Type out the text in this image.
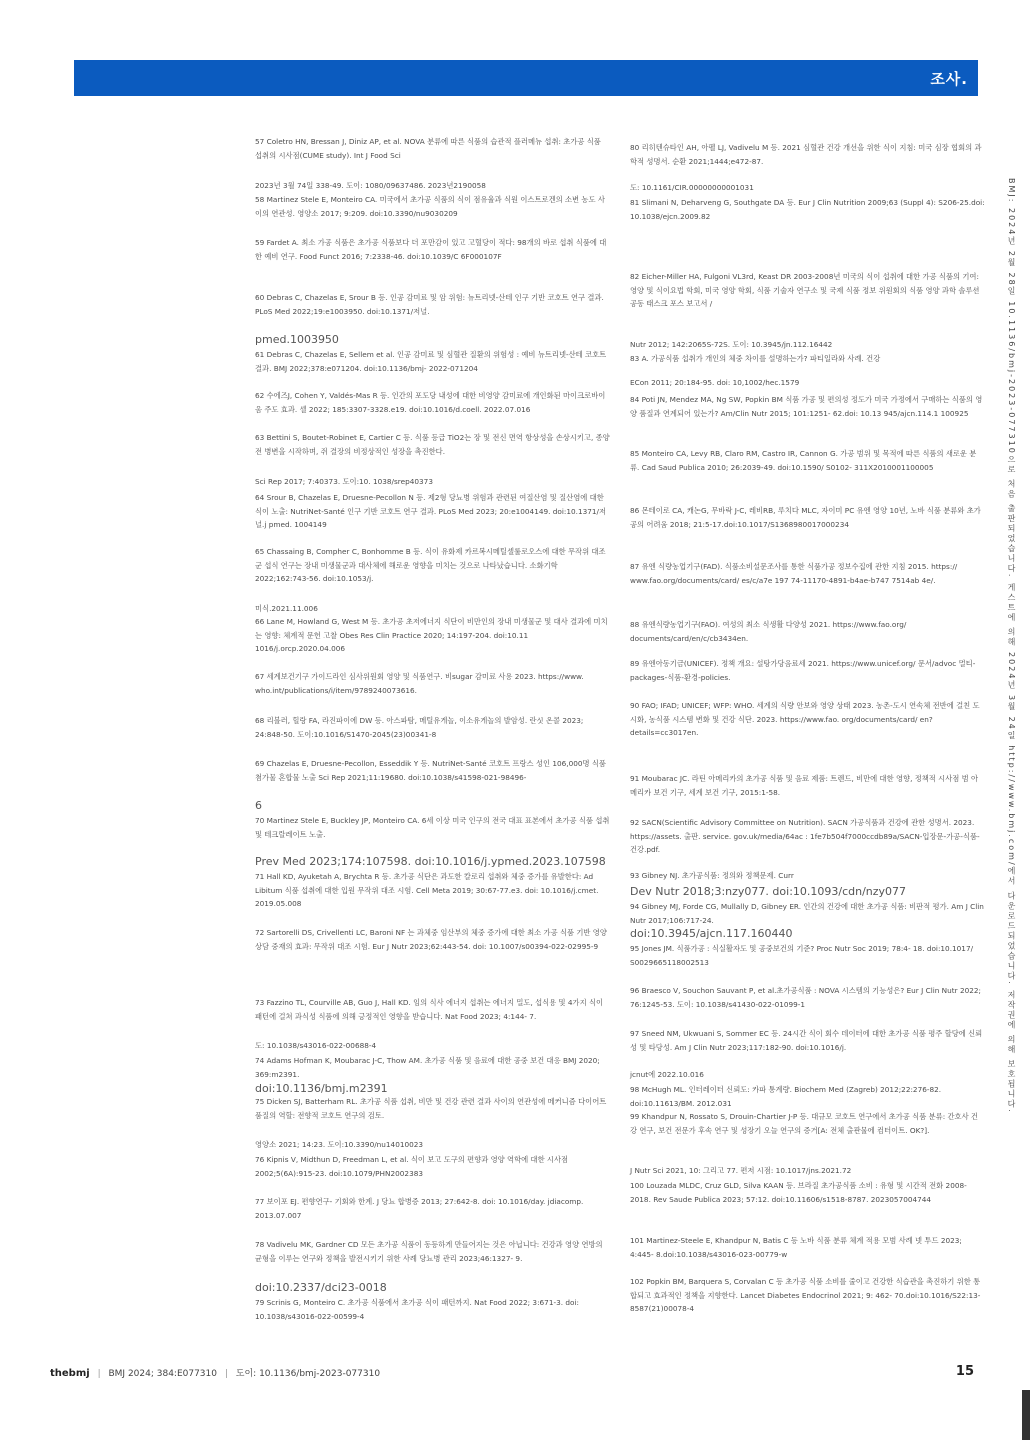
조사.
57 Coletro HN, Bressan J, Diniz AP, et al. NOVA 분류에 따른 식품의 습관적 플러메뉴 섭취: 초가공 식품 섭취의 시사점(CUME study). Int J Food Sci
2023년 3월 74일 338-49. 도이: 1080/09637486. 2023년2190058
58 Martinez Stele E, Monteiro CA. 미국에서 초가공 식품의 식이 점유율과 식원 이스트로겐의 소변 농도 사이의 연관성. 영양소 2017; 9:209. doi:10.3390/nu9030209
59 Fardet A. 최소 가공 식품은 초가공 식품보다 더 포만감이 있고 고혈당이 적다: 98개의 바로 섭취 식품에 대한 예비 연구. Food Funct 2016; 7:2338-46. doi:10.1039/C 6F000107F
60 Debras C, Chazelas E, Srour B 등. 인공 감미료 및 암 위험: 뉴트리넷-산테 인구 기반 코호트 연구 결과. PLoS Med 2022;19:e1003950. doi:10.1371/저널.
pmed.1003950
61 Debras C, Chazelas E, Sellem et al. 인공 감미료 및 심혈관 질환의 위험성 : 예비 뉴트리넷-산테 코호트 결과. BMJ 2022;378:e071204. doi:10.1136/bmj- 2022-071204
62 수에즈J, Cohen Y, Valdés-Mas R 등. 인간의 포도당 내성에 대한 비영양 감미료에 개인화된 마이크로바이옴 주도 효과. 셀 2022; 185:3307-3328.e19. doi:10.1016/d.coell. 2022.07.016
63 Bettini S, Boutet-Robinet E, Cartier C 등. 식품 등급 TiO2는 장 및 전신 면역 항상성을 손상시키고, 종양 전 병변을 시작하며, 쥐 결장의 비정상적인 성장을 촉진한다.
Sci Rep 2017; 7:40373. 도이:10. 1038/srep40373
64 Srour B, Chazelas E, Druesne-Pecollon N 등. 제2형 당뇨병 위험과 관련된 여질산염 및 질산염에 대한 식이 노출: NutriNet-Santé 인구 기반 코호트 연구 결과. PLoS Med 2023; 20:e1004149. doi:10.1371/저널.j pmed. 1004149
65 Chassaing B, Compher C, Bonhomme B 등. 식이 유화제 카르복시메틸셀룰로오스에 대한 무작위 대조군 섭식 연구는 장내 미생물군과 대사체에 해로운 영향을 미치는 것으로 나타났습니다. 소화기학 2022;162:743-56. doi:10.1053/j.
미식.2021.11.006
66 Lane M, Howland G, West M 등. 초가공 초저에너지 식단이 비만인의 장내 미생물군 및 대사 결과에 미치는 영향: 체계적 문헌 고찰 Obes Res Clin Practice 2020; 14:197-204. doi:10.11 1016/j.orcp.2020.04.006
67 세계보건기구 가이드라인 심사위원회 영양 및 식품연구. 비sugar 감미료 사용 2023. https://www. who.int/publications/i/item/9789240073616.
68 리블러, 힐랑 FA, 라진파이에 DW 등. 아스파탐, 메틸유게놀, 이소유게놀의 발암성. 란싯 온콜 2023; 24:848-50. 도이:10.1016/S1470-2045(23)00341-8
69 Chazelas E, Druesne-Pecollon, Esseddik Y 등. NutriNet-Santé 코호트 프랑스 성인 106,000명 식품 첨가물 혼합물 노출 Sci Rep 2021;11:19680. doi:10.1038/s41598-021-98496-
6
70 Martinez Stele E, Buckley JP, Monteiro CA. 6세 이상 미국 인구의 전국 대표 표본에서 초가공 식품 섭취 및 테크랄레이트 노출.
Prev Med 2023;174:107598. doi:10.1016/j.ypmed.2023.107598
71 Hall KD, Ayuketah A, Brychta R 등. 초가공 식단은 과도한 칼로리 섭취와 체중 증가를 유발한다: Ad Libitum 식품 섭취에 대한 입원 무작위 대조 시험. Cell Meta 2019; 30:67-77.e3. doi: 10.1016/j.cmet. 2019.05.008
72 Sartorelli DS, Crivellenti LC, Baroni NF 는 과체중 임산부의 체중 증가에 대한 최소 가공 식품 기반 영양 상담 중재의 효과: 무작위 대조 시험. Eur J Nutr 2023;62:443-54. doi: 10.1007/s00394-022-02995-9
73 Fazzino TL, Courville AB, Guo J, Hall KD. 임의 식사 에너지 섭취는 에너지 밀도, 섭식용 및 4가지 식이 패턴에 걸쳐 과식성 식품에 의해 긍정적인 영향을 받습니다. Nat Food 2023; 4:144- 7.
도: 10.1038/s43016-022-00688-4
74 Adams Hofman K, Moubarac J-C, Thow AM. 초가공 식품 및 음료에 대한 공중 보건 대응 BMJ 2020; 369:m2391.
doi:10.1136/bmj.m2391
75 Dicken SJ, Batterham RL. 초가공 식품 섭취, 비만 및 건강 관련 결과 사이의 연관성에 메커니즘 다이어트 품질의 역할: 전향적 코호트 연구의 검토.
영양소 2021; 14:23. 도이:10.3390/nu14010023
76 Kipnis V, Midthun D, Freedman L, et al. 식이 보고 도구의 편향과 영양 역학에 대한 시사점 2002;5(6A):915-23. doi:10.1079/PHN2002383
77 보이포 EJ. 편향연구- 기회와 한계. J 당뇨 합병증 2013; 27:642-8. doi: 10.1016/day. jdiacomp. 2013.07.007
78 Vadivelu MK, Gardner CD 모든 초가공 식품이 동등하게 만들어지는 것은 아닙니다: 건강과 영양 연방의 균형을 이루는 연구와 정책을 발전시키기 위한 사례 당뇨병 관리 2023;46:1327- 9.
doi:10.2337/dci23-0018
79 Scrinis G, Monteiro C. 초가공 식품에서 초가공 식이 패턴까지. Nat Food 2022; 3:671-3. doi: 10.1038/s43016-022-00599-4
80 리히텐슈타인 AH, 아펠 LJ, Vadivelu M 등. 2021 심혈관 건강 개선을 위한 식이 지침: 미국 심장 협회의 과학적 성명서. 순환 2021;1444;e472-87.
도: 10.1161/CIR.00000000001031
81 Slimani N, Deharveng G, Southgate DA 등. Eur J Clin Nutrition 2009;63 (Suppl 4): S206-25.doi: 10.1038/ejcn.2009.82
82 Eicher-Miller HA, Fulgoni VL3rd, Keast DR 2003-2008년 미국의 식이 섭취에 대한 가공 식품의 기여: 영양 및 식이요법 학회, 미국 영양 학회, 식품 기술자 연구소 및 국제 식품 정보 위원회의 식품 영양 과학 솔루션 공동 태스크 포스 보고서 /
Nutr 2012; 142:2065S-72S. 도이: 10.3945/jn.112.16442
83 A. 가공식품 섭취가 개인의 체중 차이를 설명하는가? 파티일라와 사례. 건강
ECon 2011; 20:184-95. doi: 10,1002/hec.1579
84 Poti JN, Mendez MA, Ng SW, Popkin BM 식품 가공 및 편의성 정도가 미국 가정에서 구매하는 식품의 영양 품질과 연계되어 있는가? Am/Clin Nutr 2015; 101:1251- 62.doi: 10.13 945/ajcn.114.1 100925
85 Monteiro CA, Levy RB, Claro RM, Castro IR, Cannon G. 가공 범위 및 목적에 따른 식품의 새로운 분류. Cad Saud Publica 2010; 26:2039-49. doi:10.1590/ S0102- 311X2010001100005
86 몬테이로 CA, 캐논G, 무바락 J-C, 레비RB, 루치다 MLC, 자이미 PC 유엔 영양 10년, 노바 식품 분류와 초가공의 어려움 2018; 21:5-17.doi:10.1017/S1368980017000234
87 유엔 식량농업기구(FAD). 식품소비설문조사를 통한 식품가공 정보수집에 관한 지침 2015. https:// www.fao.org/documents/card/ es/c/a7e 197 74-11170-4891-b4ae-b747 7514ab 4e/.
88 유엔식량농업기구(FAO). 여성의 최소 식생활 다양성 2021. https://www.fao.org/ documents/card/en/c/cb3434en.
89 유엔아동기금(UNICEF). 정책 개요: 설탕가당음료세 2021. https://www.unicef.org/ 문서/advoc 멀티-packages-식품-환경-policies.
90 FAO; IFAD; UNICEF; WFP: WHO. 세계의 식량 안보와 영양 상태 2023. 농촌-도시 연속체 전반에 걸친 도시화, 농식품 시스템 변화 및 건강 식단. 2023. https://www.fao. org/documents/card/ en?details=cc3017en.
91 Moubarac JC. 라틴 아메리카의 초가공 식품 및 음료 제품: 트렌드, 비만에 대한 영향, 정책적 시사점 범 아메리카 보건 기구, 세계 보건 기구, 2015:1-58.
92 SACN(Scientific Advisory Committee on Nutrition). SACN 가공식품과 건강에 관한 성명서. 2023. https://assets. 출판. service. gov.uk/media/64ac : 1fe7b504f7000ccdb89a/SACN-입장문-가공-식품-건강.pdf.
93 Gibney NJ. 초가공식품: 정의와 정책문제. Curr
Dev Nutr 2018;3:nzy077. doi:10.1093/cdn/nzy077
94 Gibney MJ, Forde CG, Mullally D, Gibney ER. 인간의 건강에 대한 초가공 식품: 비판적 평가. Am J Clin Nutr 2017;106:717-24.
doi:10.3945/ajcn.117.160440
95 Jones JM. 식품가공 : 식실활자도 및 공중보건의 기준? Proc Nutr Soc 2019; 78:4- 18. doi:10.1017/ S0029665118002513
96 Braesco V, Souchon Sauvant P, et al.초가공식품 : NOVA 시스템의 기능성은? Eur J Clin Nutr 2022; 76:1245-53. 도이: 10.1038/s41430-022-01099-1
97 Sneed NM, Ukwuani S, Sommer EC 등. 24시간 식이 회수 데이터에 대한 초가공 식품 평주 할당에 신뢰성 및 타당성. Am J Clin Nutr 2023;117:182-90. doi:10.1016/j.
jcnut에 2022.10.016
98 McHugh ML. 인터레이터 신뢰도: 카파 통계량. Biochem Med (Zagreb) 2012;22:276-82. doi:10.11613/BM. 2012.031
99 Khandpur N, Rossato S, Drouin-Chartier J-P 등. 대규모 코호트 연구에서 초가공 식품 분류: 간호사 건강 연구, 보건 전문가 후속 연구 및 성장기 오늘 연구의 증거[A: 전체 출판물에 컴터이트. OK?].
J Nutr Sci 2021, 10: 그리고 77. 편저 시점: 10.1017/jns.2021.72
100 Louzada MLDC, Cruz GLD, Silva KAAN 등. 브라질 초가공식품 소비 : 유형 및 시간적 전화 2008-2018. Rev Saude Publica 2023; 57:12. doi:10.11606/s1518-8787. 2023057004744
101 Martinez-Steele E, Khandpur N, Batis C 등 노바 식품 분류 체계 적용 모범 사례 넷 투드 2023; 4:445- 8.doi:10.1038/s43016-023-00779-w
102 Popkin BM, Barquera S, Corvalan C 등 초가공 식품 소비를 줄이고 건강한 식습관을 촉진하기 위한 통합되고 효과적인 정책을 지향한다. Lancet Diabetes Endocrinol 2021; 9: 462- 70.doi:10.1016/S22:13-8587(21)00078-4
BMJ: 2024년 2월 28일 10.1136/bmj-2023-077310으로 처음 출판되었습니다. 게스트에 의해 2024년 3월 24일 http://www.bmj.com/에서 다운로드되었습니다. 저작권에 의해 보호됩니다.
thebmj | BMJ 2024; 384:E077310 | 도이: 10.1136/bmj-2023-077310	15
